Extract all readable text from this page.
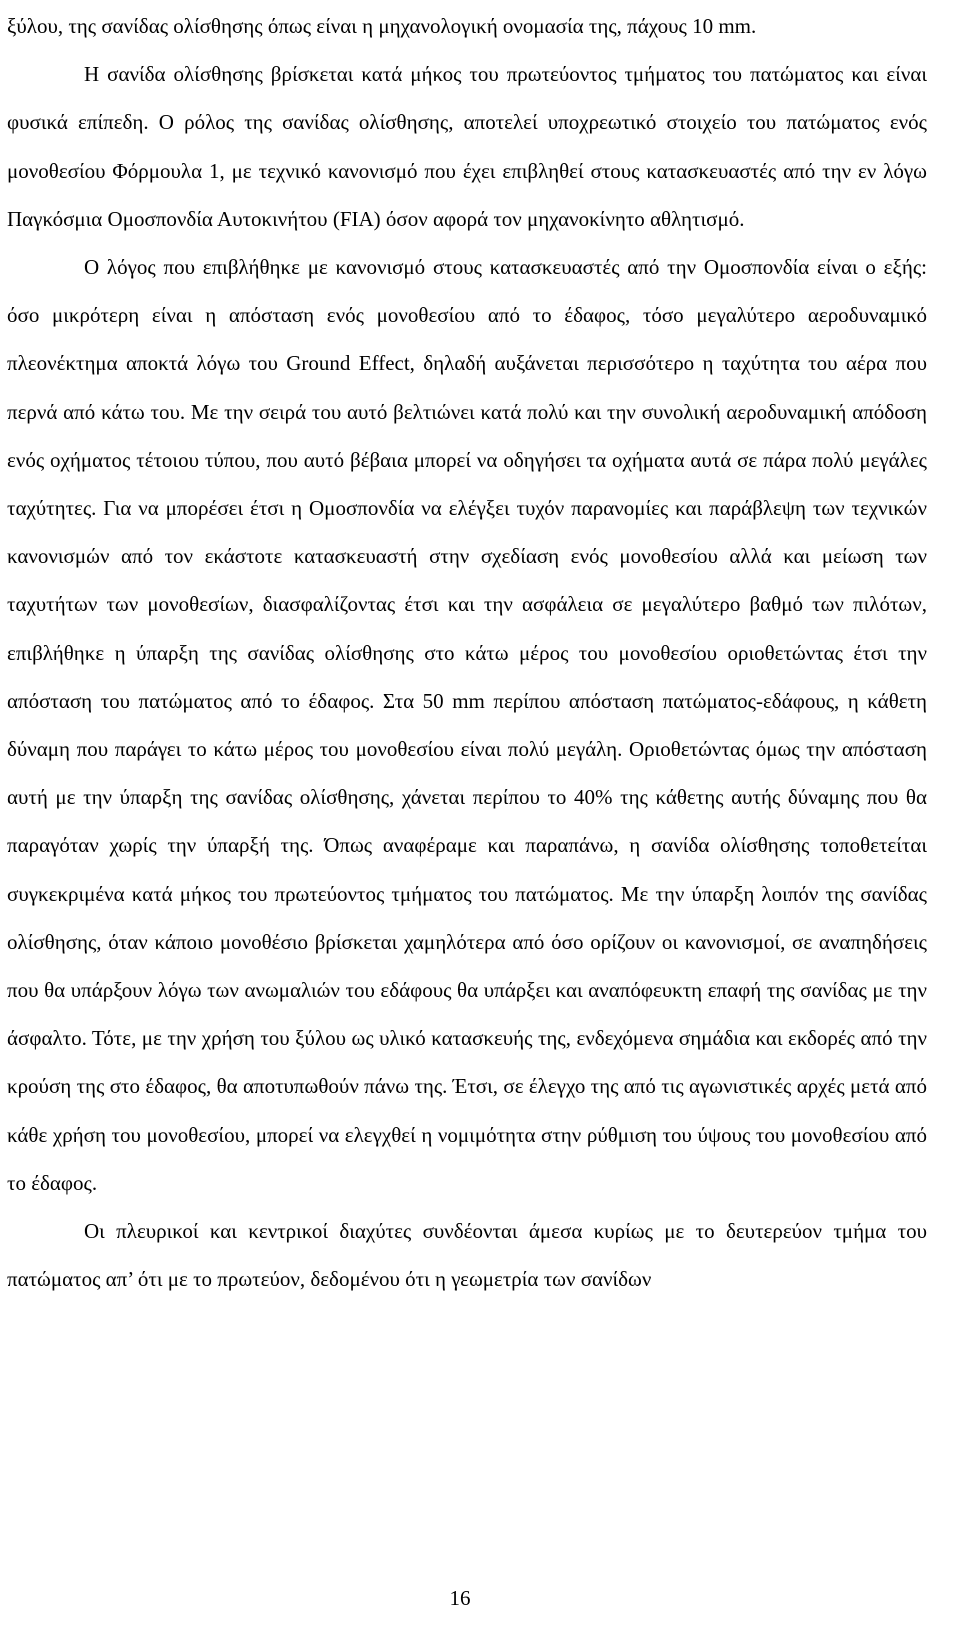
ξύλου, της σανίδας ολίσθησης όπως είναι η μηχανολογική ονομασία της, πάχους 10 mm.

Η σανίδα ολίσθησης βρίσκεται κατά μήκος του πρωτεύοντος τμήματος του πατώματος και είναι φυσικά επίπεδη. Ο ρόλος της σανίδας ολίσθησης, αποτελεί υποχρεωτικό στοιχείο του πατώματος ενός μονοθεσίου Φόρμουλα 1, με τεχνικό κανονισμό που έχει επιβληθεί στους κατασκευαστές από την εν λόγω Παγκόσμια Ομοσπονδία Αυτοκινήτου (FIA) όσον αφορά τον μηχανοκίνητο αθλητισμό.

Ο λόγος που επιβλήθηκε με κανονισμό στους κατασκευαστές από την Ομοσπονδία είναι ο εξής: όσο μικρότερη είναι η απόσταση ενός μονοθεσίου από το έδαφος, τόσο μεγαλύτερο αεροδυναμικό πλεονέκτημα αποκτά λόγω του Ground Effect, δηλαδή αυξάνεται περισσότερο η ταχύτητα του αέρα που περνά από κάτω του. Με την σειρά του αυτό βελτιώνει κατά πολύ και την συνολική αεροδυναμική απόδοση ενός οχήματος τέτοιου τύπου, που αυτό βέβαια μπορεί να οδηγήσει τα οχήματα αυτά σε πάρα πολύ μεγάλες ταχύτητες. Για να μπορέσει έτσι η Ομοσπονδία να ελέγξει τυχόν παρανομίες και παράβλεψη των τεχνικών κανονισμών από τον εκάστοτε κατασκευαστή στην σχεδίαση ενός μονοθεσίου αλλά και μείωση των ταχυτήτων των μονοθεσίων, διασφαλίζοντας έτσι και την ασφάλεια σε μεγαλύτερο βαθμό των πιλότων, επιβλήθηκε η ύπαρξη της σανίδας ολίσθησης στο κάτω μέρος του μονοθεσίου οριοθετώντας έτσι την απόσταση του πατώματος από το έδαφος. Στα 50 mm περίπου απόσταση πατώματος-εδάφους, η κάθετη δύναμη που παράγει το κάτω μέρος του μονοθεσίου είναι πολύ μεγάλη. Οριοθετώντας όμως την απόσταση αυτή με την ύπαρξη της σανίδας ολίσθησης, χάνεται περίπου το 40% της κάθετης αυτής δύναμης που θα παραγόταν χωρίς την ύπαρξή της. Όπως αναφέραμε και παραπάνω, η σανίδα ολίσθησης τοποθετείται συγκεκριμένα κατά μήκος του πρωτεύοντος τμήματος του πατώματος. Με την ύπαρξη λοιπόν της σανίδας ολίσθησης, όταν κάποιο μονοθέσιο βρίσκεται χαμηλότερα από όσο ορίζουν οι κανονισμοί, σε αναπηδήσεις που θα υπάρξουν λόγω των ανωμαλιών του εδάφους θα υπάρξει και αναπόφευκτη επαφή της σανίδας με την άσφαλτο. Τότε, με την χρήση του ξύλου ως υλικό κατασκευής της, ενδεχόμενα σημάδια και εκδορές από την κρούση της στο έδαφος, θα αποτυπωθούν πάνω της. Έτσι, σε έλεγχο της από τις αγωνιστικές αρχές μετά από κάθε χρήση του μονοθεσίου, μπορεί να ελεγχθεί η νομιμότητα στην ρύθμιση του ύψους του μονοθεσίου από το έδαφος.

Οι πλευρικοί και κεντρικοί διαχύτες συνδέονται άμεσα κυρίως με το δευτερεύον τμήμα του πατώματος απ’ ότι με το πρωτεύον, δεδομένου ότι η γεωμετρία των σανίδων

16
